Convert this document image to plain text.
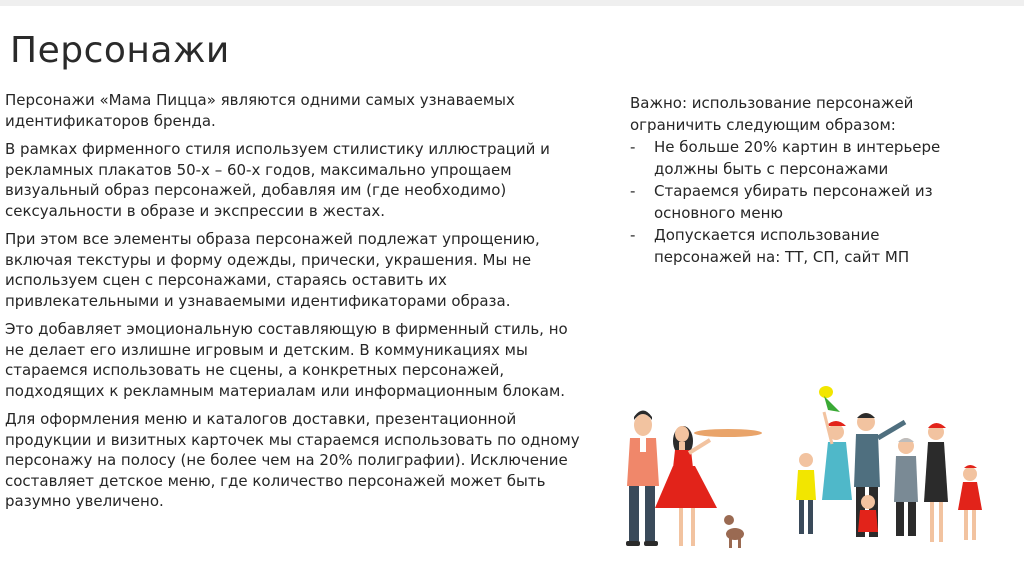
Персонажи

Персонажи «Мама Пицца» являются одними самых узнаваемых идентификаторов бренда.

В рамках фирменного стиля используем стилистику иллюстраций и рекламных плакатов 50-х – 60-х годов, максимально упрощаем визуальный образ персонажей, добавляя им (где необходимо) сексуальности в образе и экспрессии в жестах.

При этом все элементы образа персонажей подлежат упрощению, включая текстуры и форму одежды, прически, украшения. Мы не используем сцен с персонажами, стараясь оставить их привлекательными и узнаваемыми идентификаторами образа.

Это добавляет эмоциональную составляющую в фирменный стиль, но не делает его излишне игровым и детским. В коммуникациях мы стараемся использовать не сцены, а конкретных персонажей, подходящих к рекламным материалам или информационным блокам.

Для оформления меню и каталогов доставки, презентационной продукции и визитных карточек мы стараемся использовать по одному персонажу на полосу (не более чем на 20% полиграфии). Исключение составляет детское меню, где количество персонажей может быть разумно увеличено.

Важно: использование персонажей ограничить следующим образом:

- Не больше 20% картин в интерьере должны быть с персонажами
- Стараемся убирать персонажей из основного меню
- Допускается использование персонажей на: ТТ, СП, сайт МП
